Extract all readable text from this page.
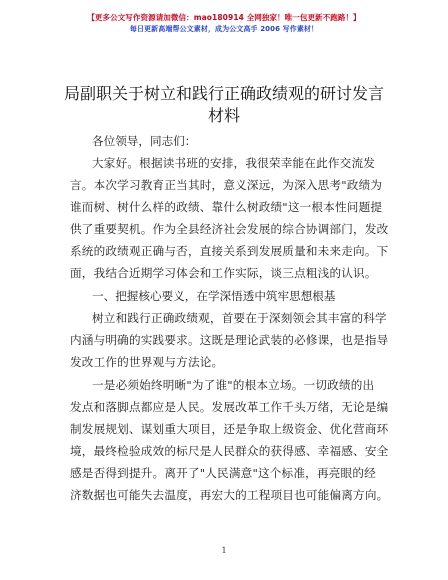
【更多公文写作资源请加微信：mao180914 全网独家！唯一包更新不跑路！】
每日更新高端帮公文素材，成为公文高手 2006 写作素材！
局副职关于树立和践行正确政绩观的研讨发言
材料
各位领导，同志们：
大家好。根据读书班的安排，我很荣幸能在此作交流发
言。本次学习教育正当其时，意义深远，为深入思考"政绩为
谁而树、树什么样的政绩、靠什么树政绩"这一根本性问题提
供了重要契机。作为全县经济社会发展的综合协调部门，发改
系统的政绩观正确与否，直接关系到发展质量和未来走向。下
面，我结合近期学习体会和工作实际，谈三点粗浅的认识。
一、把握核心要义，在学深悟透中筑牢思想根基
树立和践行正确政绩观，首要在于深刻领会其丰富的科学
内涵与明确的实践要求。这既是理论武装的必修课，也是指导
发改工作的世界观与方法论。
一是必须始终明晰"为了谁"的根本立场。一切政绩的出
发点和落脚点都应是人民。发展改革工作千头万绪，无论是编
制发展规划、谋划重大项目，还是争取上级资金、优化营商环
境，最终检验成效的标尺是人民群众的获得感、幸福感、安全
感是否得到提升。离开了"人民满意"这个标准，再亮眼的经
济数据也可能失去温度，再宏大的工程项目也可能偏离方向。
1
